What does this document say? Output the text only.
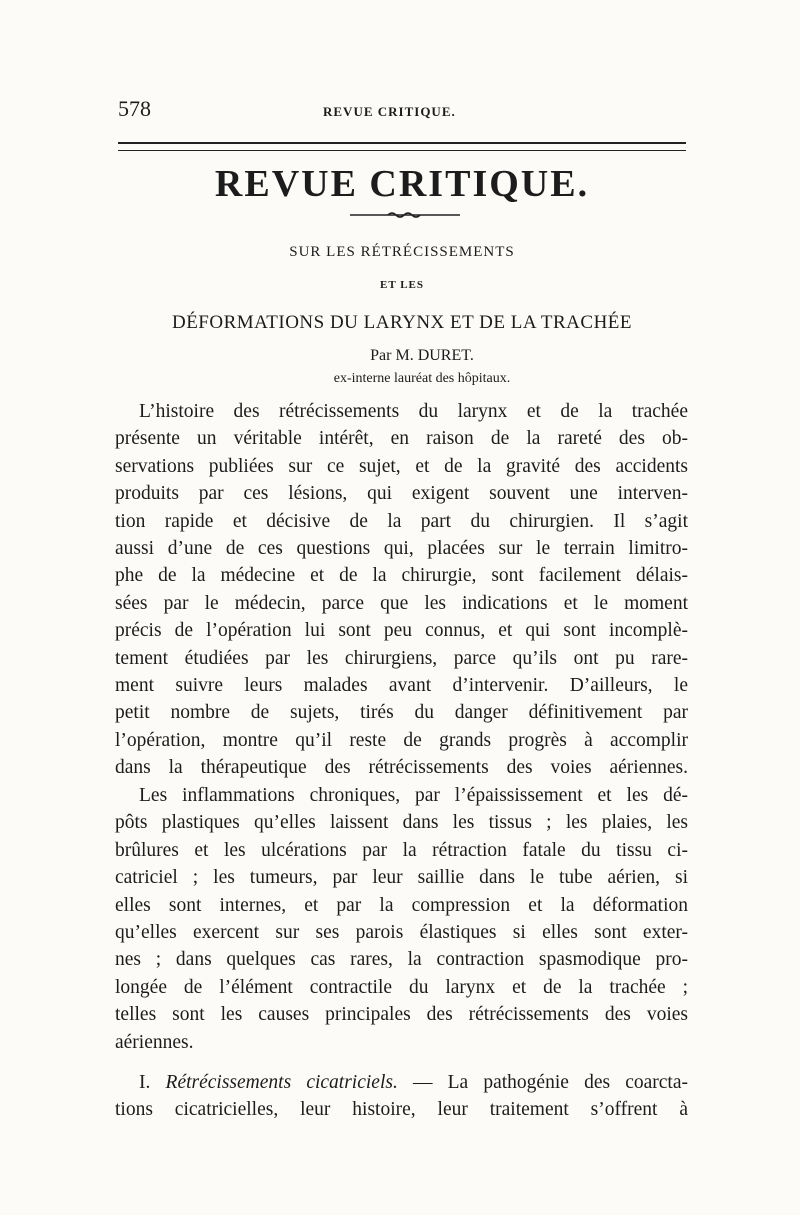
578	REVUE CRITIQUE.
REVUE CRITIQUE.
SUR LES RÉTRÉCISSEMENTS
ET LES
DÉFORMATIONS DU LARYNX ET DE LA TRACHÉE
Par M. DURET.
ex-interne lauréat des hôpitaux.
L’histoire des rétrécissements du larynx et de la trachée
présente un véritable intérêt, en raison de la rareté des ob-
servations publiées sur ce sujet, et de la gravité des accidents
produits par ces lésions, qui exigent souvent une interven-
tion rapide et décisive de la part du chirurgien. Il s’agit
aussi d’une de ces questions qui, placées sur le terrain limitro-
phe de la médecine et de la chirurgie, sont facilement délais-
sées par le médecin, parce que les indications et le moment
précis de l’opération lui sont peu connus, et qui sont incomplè-
tement étudiées par les chirurgiens, parce qu’ils ont pu rare-
ment suivre leurs malades avant d’intervenir. D’ailleurs, le
petit nombre de sujets, tirés du danger définitivement par
l’opération, montre qu’il reste de grands progrès à accomplir
dans la thérapeutique des rétrécissements des voies aériennes.
Les inflammations chroniques, par l’épaississement et les dé-
pôts plastiques qu’elles laissent dans les tissus ; les plaies, les
brûlures et les ulcérations par la rétraction fatale du tissu ci-
catriciel ; les tumeurs, par leur saillie dans le tube aérien, si
elles sont internes, et par la compression et la déformation
qu’elles exercent sur ses parois élastiques si elles sont exter-
nes ; dans quelques cas rares, la contraction spasmodique pro-
longée de l’élément contractile du larynx et de la trachée ;
telles sont les causes principales des rétrécissements des voies
aériennes.
I. Rétrécissements cicatriciels. — La pathogénie des coarcta-
tions cicatricielles, leur histoire, leur traitement s’offrent à
